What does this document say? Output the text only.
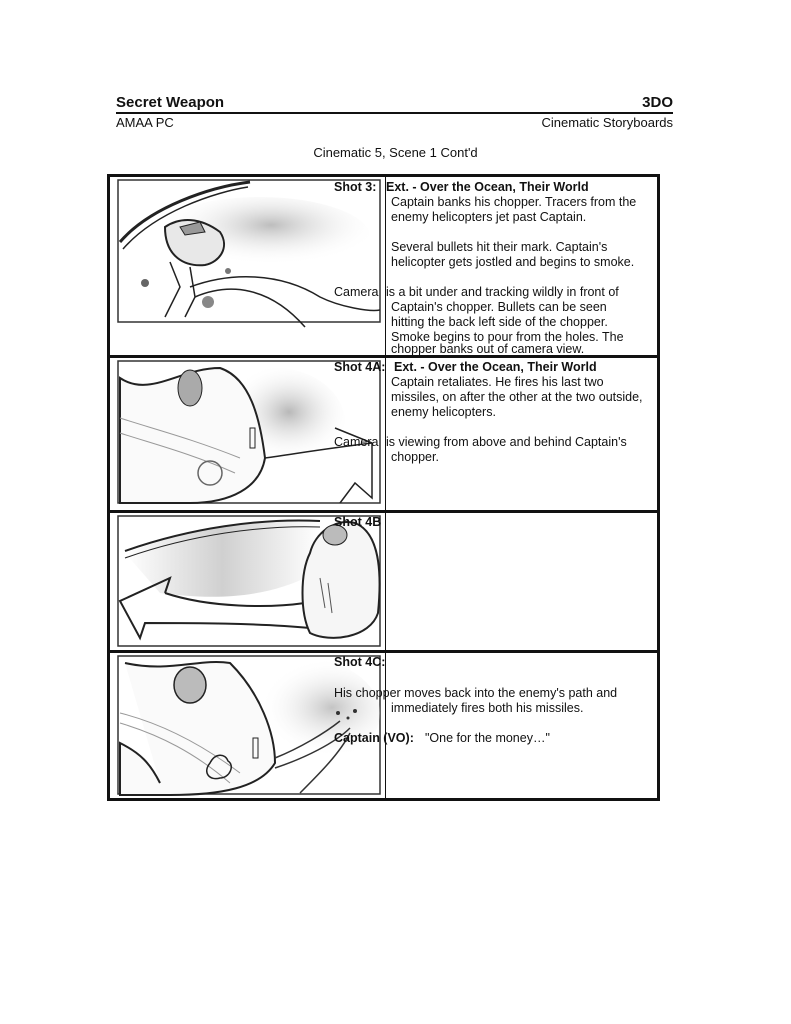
Secret Weapon	3DO
AMAA PC	Cinematic Storyboards
Cinematic 5, Scene 1 Cont'd
Shot 3: Ext. - Over the Ocean, Their World
Captain banks his chopper. Tracers from the
enemy helicopters jet past Captain.
Several bullets hit their mark. Captain's
helicopter gets jostled and begins to smoke.
Camera is a bit under and tracking wildly in front of
Captain's chopper. Bullets can be seen
hitting the back left side of the chopper.
Smoke begins to pour from the holes. The
chopper banks out of camera view.
Shot 4A: Ext. - Over the Ocean, Their World
Captain retaliates. He fires his last two
missiles, on after the other at the two outside,
enemy helicopters.
Camera is viewing from above and behind Captain's
chopper.
Shot 4B
Shot 4C:
His chopper moves back into the enemy's path and
immediately fires both his missiles.
Captain (VO): "One for the money…"
